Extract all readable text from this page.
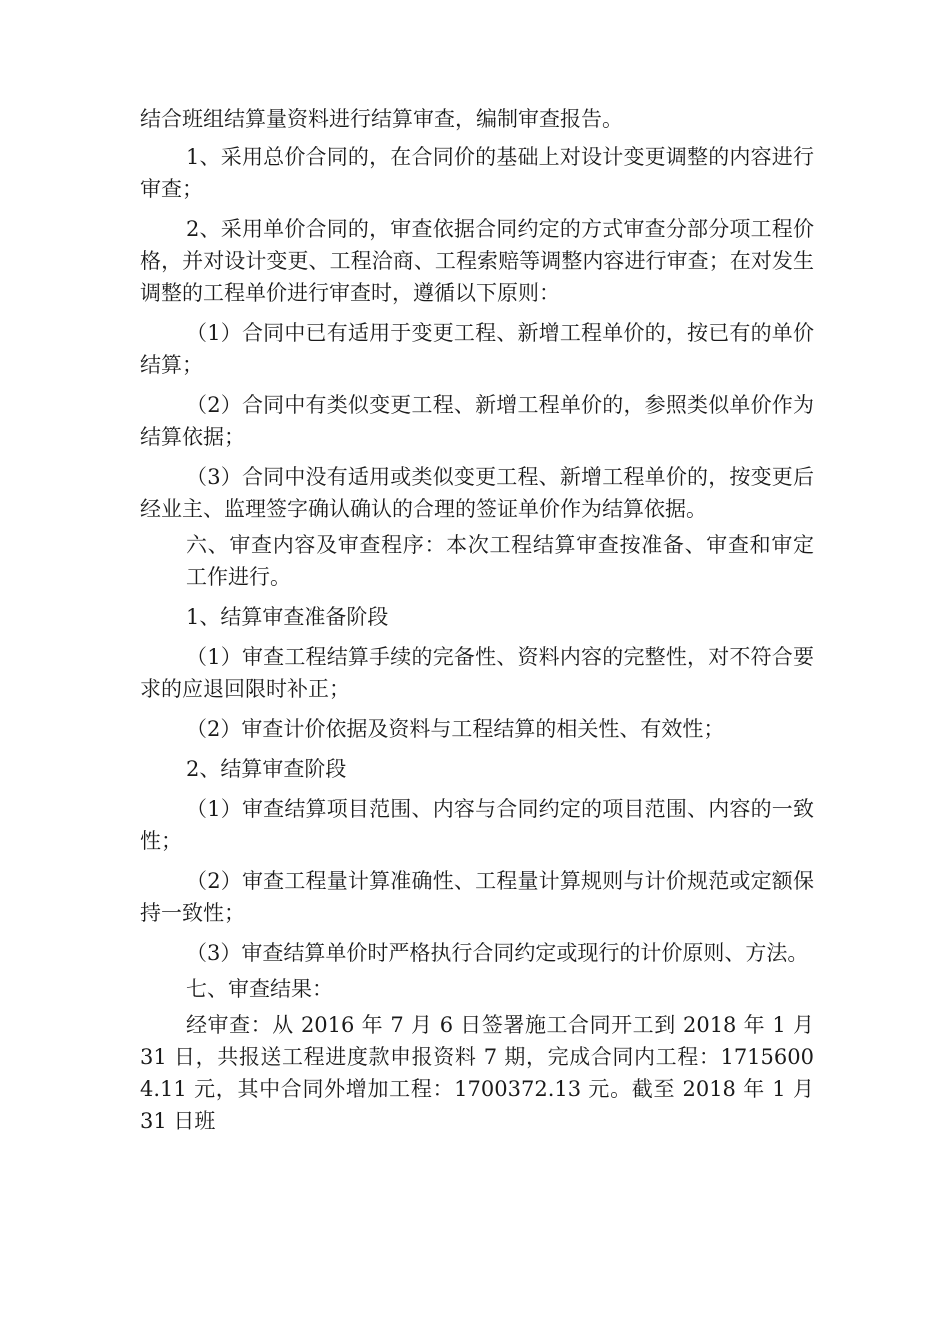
结合班组结算量资料进行结算审查，编制审查报告。

1、采用总价合同的，在合同价的基础上对设计变更调整的内容进行审查；

2、采用单价合同的，审查依据合同约定的方式审查分部分项工程价格，并对设计变更、工程洽商、工程索赔等调整内容进行审查；在对发生调整的工程单价进行审查时，遵循以下原则：

（1）合同中已有适用于变更工程、新增工程单价的，按已有的单价结算；

（2）合同中有类似变更工程、新增工程单价的，参照类似单价作为结算依据；

（3）合同中没有适用或类似变更工程、新增工程单价的，按变更后经业主、监理签字确认确认的合理的签证单价作为结算依据。

六、审查内容及审查程序：本次工程结算审查按准备、审查和审定工作进行。

1、结算审查准备阶段

（1）审查工程结算手续的完备性、资料内容的完整性，对不符合要求的应退回限时补正；

（2）审查计价依据及资料与工程结算的相关性、有效性；

2、结算审查阶段

（1）审查结算项目范围、内容与合同约定的项目范围、内容的一致性；

（2）审查工程量计算准确性、工程量计算规则与计价规范或定额保持一致性；

（3）审查结算单价时严格执行合同约定或现行的计价原则、方法。

七、审查结果：

经审查：从 2016 年 7 月 6 日签署施工合同开工到 2018 年 1 月 31 日，共报送工程进度款申报资料 7 期，完成合同内工程：17156004.11 元，其中合同外增加工程：1700372.13 元。截至 2018 年 1 月 31 日班
